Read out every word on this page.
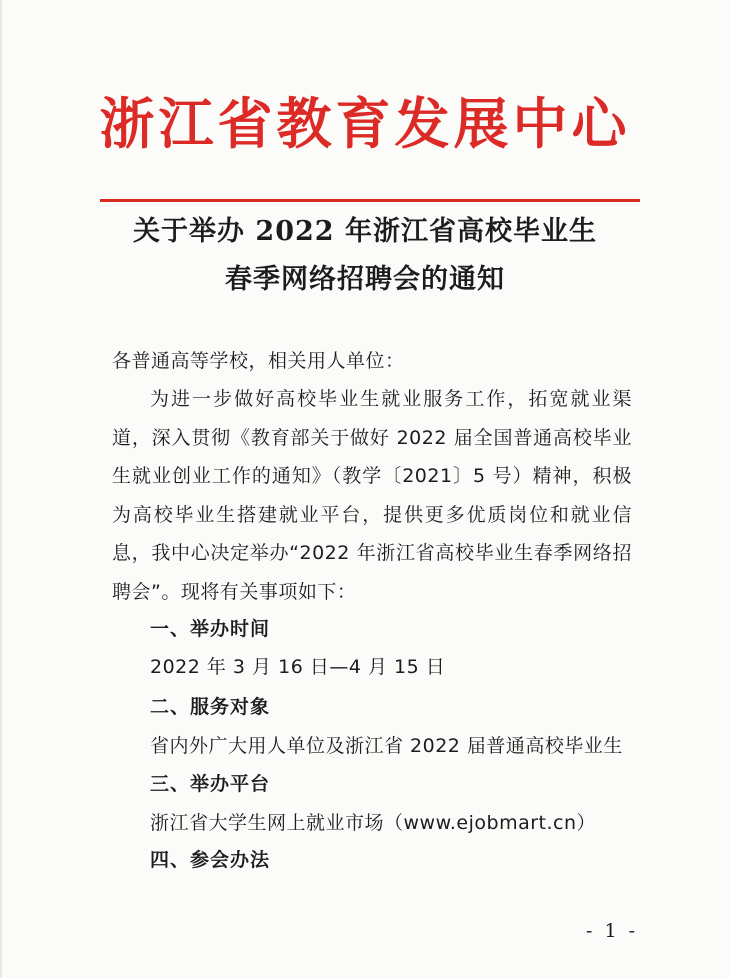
浙江省教育发展中心
关于举办 2022 年浙江省高校毕业生
春季网络招聘会的通知
各普通高等学校，相关用人单位：
为进一步做好高校毕业生就业服务工作，拓宽就业渠道，深入贯彻《教育部关于做好 2022 届全国普通高校毕业生就业创业工作的通知》（教学〔2021〕5 号）精神，积极为高校毕业生搭建就业平台，提供更多优质岗位和就业信息，我中心决定举办“2022 年浙江省高校毕业生春季网络招聘会”。现将有关事项如下：
一、举办时间
2022 年 3 月 16 日—4 月 15 日
二、服务对象
省内外广大用人单位及浙江省 2022 届普通高校毕业生
三、举办平台
浙江省大学生网上就业市场（www.ejobmart.cn）
四、参会办法
- 1 -
